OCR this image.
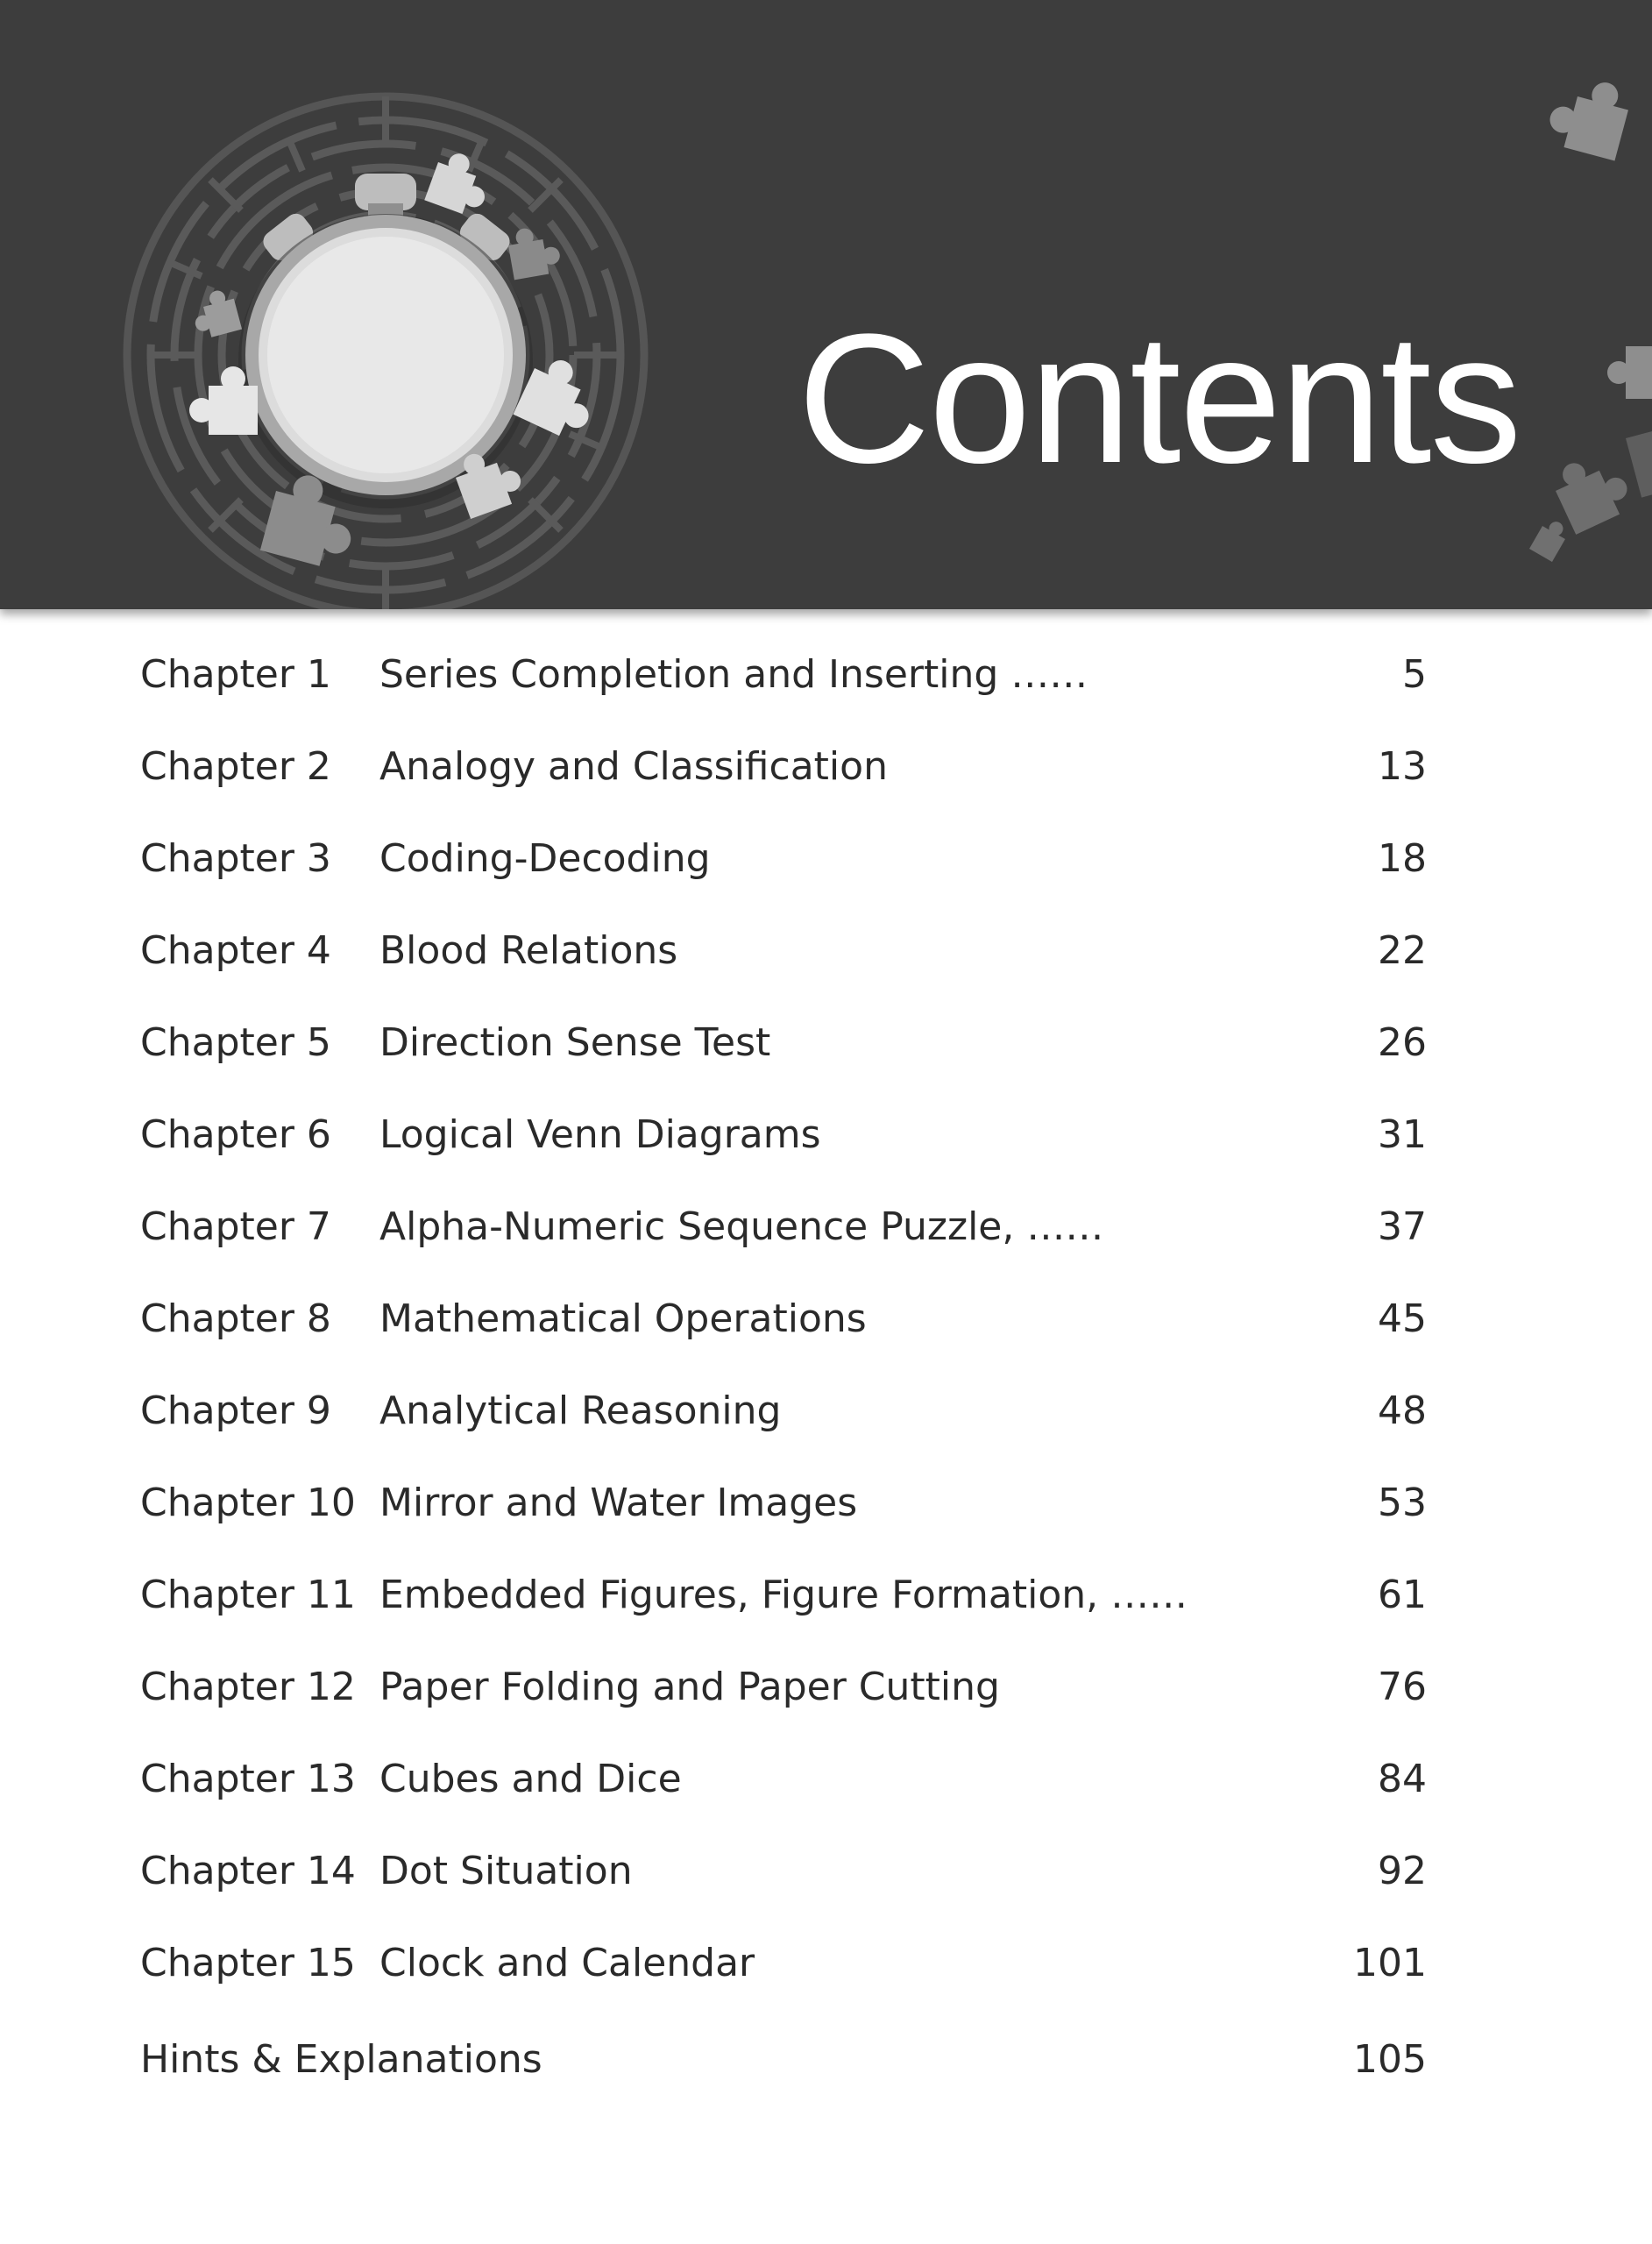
Contents
Chapter 1 Series Completion and Inserting ……	5
Chapter 2 Analogy and Classification	13
Chapter 3 Coding-Decoding	18
Chapter 4 Blood Relations	22
Chapter 5 Direction Sense Test	26
Chapter 6 Logical Venn Diagrams	31
Chapter 7 Alpha-Numeric Sequence Puzzle, ……	37
Chapter 8 Mathematical Operations	45
Chapter 9 Analytical Reasoning	48
Chapter 10 Mirror and Water Images	53
Chapter 11 Embedded Figures, Figure Formation, ……	61
Chapter 12 Paper Folding and Paper Cutting	76
Chapter 13 Cubes and Dice	84
Chapter 14 Dot Situation	92
Chapter 15 Clock and Calendar	101
Hints & Explanations	105
